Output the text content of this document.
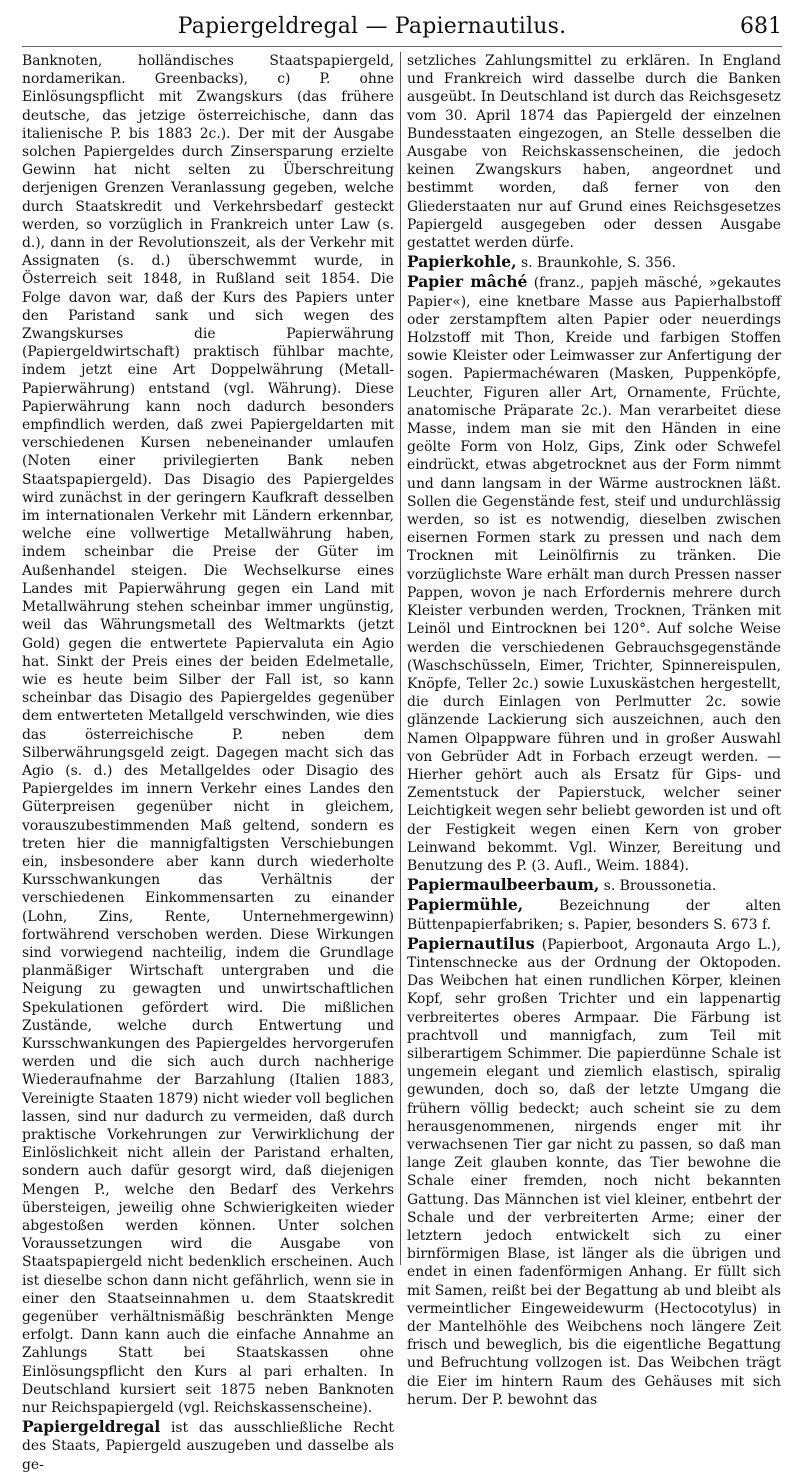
Papiergeldregal — Papiernautilus.	681

Banknoten, holländisches Staatspapiergeld, nordamerikan. Greenbacks), c) P. ohne Einlösungspflicht mit Zwangskurs (das frühere deutsche, das jetzige österreichische, dann das italienische P. bis 1883 2c.). Der mit der Ausgabe solchen Papiergeldes durch Zinsersparung erzielte Gewinn hat nicht selten zu Überschreitung derjenigen Grenzen Veranlassung gegeben, welche durch Staatskredit und Verkehrsbedarf gesteckt werden, so vorzüglich in Frankreich unter Law (s. d.), dann in der Revolutionszeit, als der Verkehr mit Assignaten (s. d.) überschwemmt wurde, in Österreich seit 1848, in Rußland seit 1854. Die Folge davon war, daß der Kurs des Papiers unter den Paristand sank und sich wegen des Zwangskurses die Papierwährung (Papiergeldwirtschaft) praktisch fühlbar machte, indem jetzt eine Art Doppelwährung (Metall-Papierwährung) entstand (vgl. Währung). Diese Papierwährung kann noch dadurch besonders empfindlich werden, daß zwei Papiergeldarten mit verschiedenen Kursen nebeneinander umlaufen (Noten einer privilegierten Bank neben Staatspapiergeld). Das Disagio des Papiergeldes wird zunächst in der geringern Kaufkraft desselben im internationalen Verkehr mit Ländern erkennbar, welche eine vollwertige Metallwährung haben, indem scheinbar die Preise der Güter im Außenhandel steigen. Die Wechselkurse eines Landes mit Papierwährung gegen ein Land mit Metallwährung stehen scheinbar immer ungünstig, weil das Währungsmetall des Weltmarkts (jetzt Gold) gegen die entwertete Papiervaluta ein Agio hat. Sinkt der Preis eines der beiden Edelmetalle, wie es heute beim Silber der Fall ist, so kann scheinbar das Disagio des Papiergeldes gegenüber dem entwerteten Metallgeld verschwinden, wie dies das österreichische P. neben dem Silberwährungsgeld zeigt. Dagegen macht sich das Agio (s. d.) des Metallgeldes oder Disagio des Papiergeldes im innern Verkehr eines Landes den Güterpreisen gegenüber nicht in gleichem, vorauszubestimmenden Maß geltend, sondern es treten hier die mannigfaltigsten Verschiebungen ein, insbesondere aber kann durch wiederholte Kursschwankungen das Verhältnis der verschiedenen Einkommensarten zu einander (Lohn, Zins, Rente, Unternehmergewinn) fortwährend verschoben werden. Diese Wirkungen sind vorwiegend nachteilig, indem die Grundlage planmäßiger Wirtschaft untergraben und die Neigung zu gewagten und unwirtschaftlichen Spekulationen gefördert wird. Die mißlichen Zustände, welche durch Entwertung und Kursschwankungen des Papiergeldes hervorgerufen werden und die sich auch durch nachherige Wiederaufnahme der Barzahlung (Italien 1883, Vereinigte Staaten 1879) nicht wieder voll beglichen lassen, sind nur dadurch zu vermeiden, daß durch praktische Vorkehrungen zur Verwirklichung der Einlöslichkeit nicht allein der Paristand erhalten, sondern auch dafür gesorgt wird, daß diejenigen Mengen P., welche den Bedarf des Verkehrs übersteigen, jeweilig ohne Schwierigkeiten wieder abgestoßen werden können. Unter solchen Voraussetzungen wird die Ausgabe von Staatspapiergeld nicht bedenklich erscheinen. Auch ist dieselbe schon dann nicht gefährlich, wenn sie in einer den Staatseinnahmen u. dem Staatskredit gegenüber verhältnismäßig beschränkten Menge erfolgt. Dann kann auch die einfache Annahme an Zahlungs Statt bei Staatskassen ohne Einlösungspflicht den Kurs al pari erhalten. In Deutschland kursiert seit 1875 neben Banknoten nur Reichspapiergeld (vgl. Reichskassenscheine).

Papiergeldregal ist das ausschließliche Recht des Staats, Papiergeld auszugeben und dasselbe als ge-

setzliches Zahlungsmittel zu erklären. In England und Frankreich wird dasselbe durch die Banken ausgeübt. In Deutschland ist durch das Reichsgesetz vom 30. April 1874 das Papiergeld der einzelnen Bundesstaaten eingezogen, an Stelle desselben die Ausgabe von Reichskassenscheinen, die jedoch keinen Zwangskurs haben, angeordnet und bestimmt worden, daß ferner von den Gliederstaaten nur auf Grund eines Reichsgesetzes Papiergeld ausgegeben oder dessen Ausgabe gestattet werden dürfe.

Papierkohle, s. Braunkohle, S. 356.

Papier mâché (franz., papjeh mäsché, »gekautes Papier«), eine knetbare Masse aus Papierhalbstoff oder zerstampftem alten Papier oder neuerdings Holzstoff mit Thon, Kreide und farbigen Stoffen sowie Kleister oder Leimwasser zur Anfertigung der sogen. Papiermachéwaren (Masken, Puppenköpfe, Leuchter, Figuren aller Art, Ornamente, Früchte, anatomische Präparate 2c.). Man verarbeitet diese Masse, indem man sie mit den Händen in eine geölte Form von Holz, Gips, Zink oder Schwefel eindrückt, etwas abgetrocknet aus der Form nimmt und dann langsam in der Wärme austrocknen läßt. Sollen die Gegenstände fest, steif und undurchlässig werden, so ist es notwendig, dieselben zwischen eisernen Formen stark zu pressen und nach dem Trocknen mit Leinölfirnis zu tränken. Die vorzüglichste Ware erhält man durch Pressen nasser Pappen, wovon je nach Erfordernis mehrere durch Kleister verbunden werden, Trocknen, Tränken mit Leinöl und Eintrocknen bei 120°. Auf solche Weise werden die verschiedenen Gebrauchsgegenstände (Waschschüsseln, Eimer, Trichter, Spinnereispulen, Knöpfe, Teller 2c.) sowie Luxuskästchen hergestellt, die durch Einlagen von Perlmutter 2c. sowie glänzende Lackierung sich auszeichnen, auch den Namen Olpappware führen und in großer Auswahl von Gebrüder Adt in Forbach erzeugt werden. — Hierher gehört auch als Ersatz für Gips- und Zementstuck der Papierstuck, welcher seiner Leichtigkeit wegen sehr beliebt geworden ist und oft der Festigkeit wegen einen Kern von grober Leinwand bekommt. Vgl. Winzer, Bereitung und Benutzung des P. (3. Aufl., Weim. 1884).

Papiermaulbeerbaum, s. Broussonetia.

Papiermühle, Bezeichnung der alten Büttenpapierfabriken; s. Papier, besonders S. 673 f.

Papiernautilus (Papierboot, Argonauta Argo L.), Tintenschnecke aus der Ordnung der Oktopoden. Das Weibchen hat einen rundlichen Körper, kleinen Kopf, sehr großen Trichter und ein lappenartig verbreitertes oberes Armpaar. Die Färbung ist prachtvoll und mannigfach, zum Teil mit silberartigem Schimmer. Die papierdünne Schale ist ungemein elegant und ziemlich elastisch, spiralig gewunden, doch so, daß der letzte Umgang die frühern völlig bedeckt; auch scheint sie zu dem herausgenommenen, nirgends enger mit ihr verwachsenen Tier gar nicht zu passen, so daß man lange Zeit glauben konnte, das Tier bewohne die Schale einer fremden, noch nicht bekannten Gattung. Das Männchen ist viel kleiner, entbehrt der Schale und der verbreiterten Arme; einer der letztern jedoch entwickelt sich zu einer birnförmigen Blase, ist länger als die übrigen und endet in einen fadenförmigen Anhang. Er füllt sich mit Samen, reißt bei der Begattung ab und bleibt als vermeintlicher Eingeweidewurm (Hectocotylus) in der Mantelhöhle des Weibchens noch längere Zeit frisch und beweglich, bis die eigentliche Begattung und Befruchtung vollzogen ist. Das Weibchen trägt die Eier im hintern Raum des Gehäuses mit sich herum. Der P. bewohnt das
